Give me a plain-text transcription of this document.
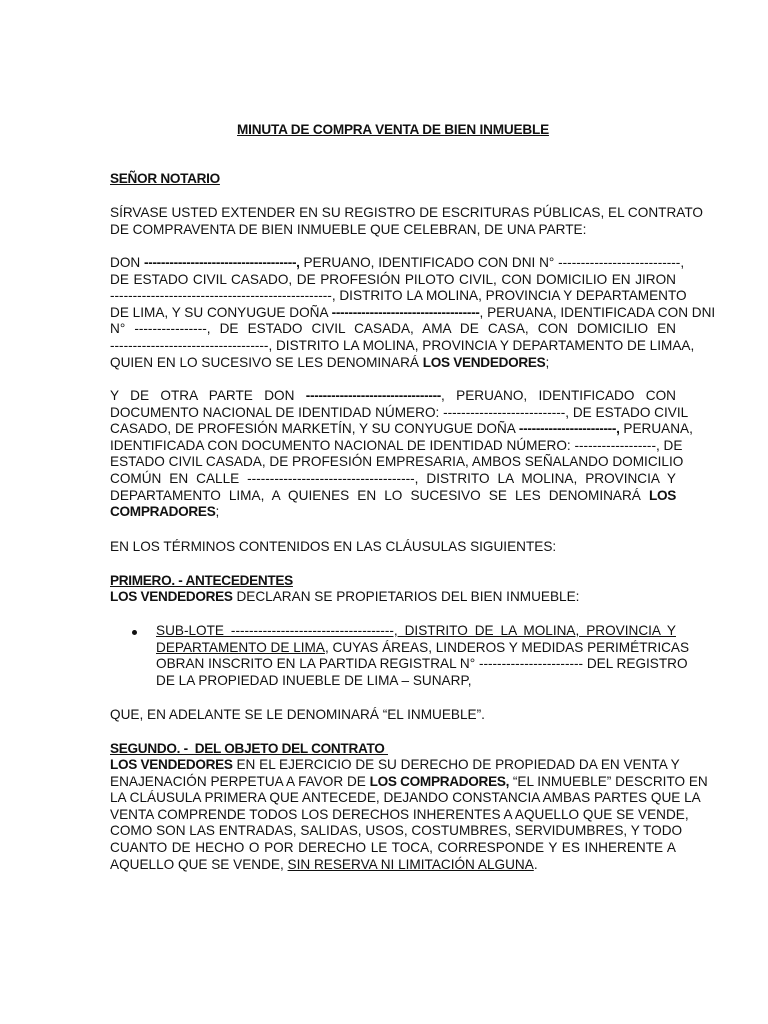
MINUTA DE COMPRA VENTA DE BIEN INMUEBLE
SEÑOR NOTARIO
SÍRVASE USTED EXTENDER EN SU REGISTRO DE ESCRITURAS PÚBLICAS, EL CONTRATO
DE COMPRAVENTA DE BIEN INMUEBLE QUE CELEBRAN, DE UNA PARTE:
DON ------------------------------------, PERUANO, IDENTIFICADO CON DNI N° ---------------------------,
DE ESTADO CIVIL CASADO, DE PROFESIÓN PILOTO CIVIL, CON DOMICILIO EN JIRON
-------------------------------------------------, DISTRITO LA MOLINA, PROVINCIA Y DEPARTAMENTO
DE LIMA, Y SU CONYUGUE DOÑA -----------------------------------, PERUANA, IDENTIFICADA CON DNI
N° ----------------, DE ESTADO CIVIL CASADA, AMA DE CASA, CON DOMICILIO EN
-----------------------------------, DISTRITO LA MOLINA, PROVINCIA Y DEPARTAMENTO DE LIMAA,
QUIEN EN LO SUCESIVO SE LES DENOMINARÁ LOS VENDEDORES;
Y DE OTRA PARTE DON --------------------------------, PERUANO, IDENTIFICADO CON
DOCUMENTO NACIONAL DE IDENTIDAD NÚMERO: ---------------------------, DE ESTADO CIVIL
CASADO, DE PROFESIÓN MARKETÍN, Y SU CONYUGUE DOÑA -----------------------, PERUANA,
IDENTIFICADA CON DOCUMENTO NACIONAL DE IDENTIDAD NÚMERO: ------------------, DE
ESTADO CIVIL CASADA, DE PROFESIÓN EMPRESARIA, AMBOS SEÑALANDO DOMICILIO
COMÚN EN CALLE -------------------------------------, DISTRITO LA MOLINA, PROVINCIA Y
DEPARTAMENTO LIMA, A QUIENES EN LO SUCESIVO SE LES DENOMINARÁ LOS
COMPRADORES;
EN LOS TÉRMINOS CONTENIDOS EN LAS CLÁUSULAS SIGUIENTES:
PRIMERO. - ANTECEDENTES
LOS VENDEDORES DECLARAN SE PROPIETARIOS DEL BIEN INMUEBLE:
SUB-LOTE ------------------------------------, DISTRITO DE LA MOLINA, PROVINCIA Y
DEPARTAMENTO DE LIMA, CUYAS ÁREAS, LINDEROS Y MEDIDAS PERIMÉTRICAS
OBRAN INSCRITO EN LA PARTIDA REGISTRAL N° ----------------------- DEL REGISTRO
DE LA PROPIEDAD INUEBLE DE LIMA – SUNARP,
QUE, EN ADELANTE SE LE DENOMINARÁ “EL INMUEBLE”.
SEGUNDO. -  DEL OBJETO DEL CONTRATO
LOS VENDEDORES EN EL EJERCICIO DE SU DERECHO DE PROPIEDAD DA EN VENTA Y
ENAJENACIÓN PERPETUA A FAVOR DE LOS COMPRADORES, “EL INMUEBLE” DESCRITO EN
LA CLÁUSULA PRIMERA QUE ANTECEDE, DEJANDO CONSTANCIA AMBAS PARTES QUE LA
VENTA COMPRENDE TODOS LOS DERECHOS INHERENTES A AQUELLO QUE SE VENDE,
COMO SON LAS ENTRADAS, SALIDAS, USOS, COSTUMBRES, SERVIDUMBRES, Y TODO
CUANTO DE HECHO O POR DERECHO LE TOCA, CORRESPONDE Y ES INHERENTE A
AQUELLO QUE SE VENDE, SIN RESERVA NI LIMITACIÓN ALGUNA.
